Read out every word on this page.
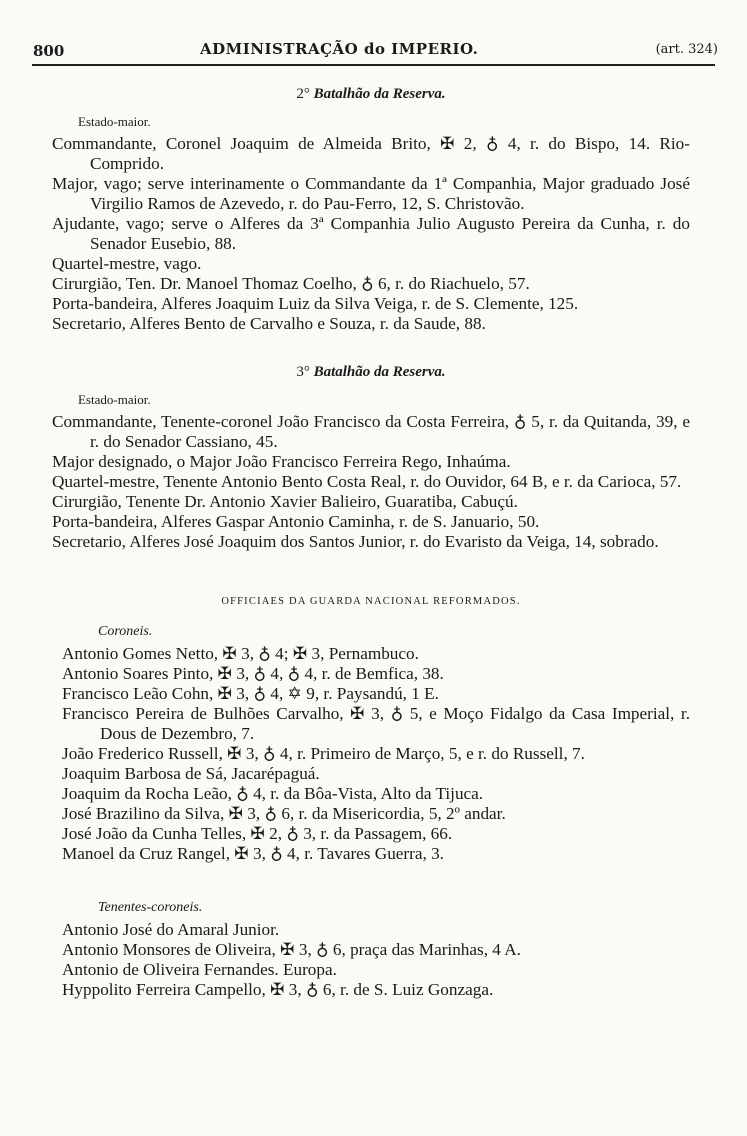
800	ADMINISTRAÇÃO do IMPERIO.	(art. 324)
2° Batalhão da Reserva.
Estado-maior.
Commandante, Coronel Joaquim de Almeida Brito, ✠ 2, ♁ 4, r. do Bispo, 14. Rio-Comprido.
Major, vago; serve interinamente o Commandante da 1ª Companhia, Major graduado José Virgilio Ramos de Azevedo, r. do Pau-Ferro, 12, S. Christovão.
Ajudante, vago; serve o Alferes da 3ª Companhia Julio Augusto Pereira da Cunha, r. do Senador Eusebio, 88.
Quartel-mestre, vago.
Cirurgião, Ten. Dr. Manoel Thomaz Coelho, ♁ 6, r. do Riachuelo, 57.
Porta-bandeira, Alferes Joaquim Luiz da Silva Veiga, r. de S. Clemente, 125.
Secretario, Alferes Bento de Carvalho e Souza, r. da Saude, 88.
3° Batalhão da Reserva.
Estado-maior.
Commandante, Tenente-coronel João Francisco da Costa Ferreira, ♁ 5, r. da Quitanda, 39, e r. do Senador Cassiano, 45.
Major designado, o Major João Francisco Ferreira Rego, Inhaúma.
Quartel-mestre, Tenente Antonio Bento Costa Real, r. do Ouvidor, 64 B, e r. da Carioca, 57.
Cirurgião, Tenente Dr. Antonio Xavier Balieiro, Guaratiba, Cabuçú.
Porta-bandeira, Alferes Gaspar Antonio Caminha, r. de S. Januario, 50.
Secretario, Alferes José Joaquim dos Santos Junior, r. do Evaristo da Veiga, 14, sobrado.
OFFICIAES DA GUARDA NACIONAL REFORMADOS.
Coroneis.
Antonio Gomes Netto, ✠ 3, ♁ 4; ✠ 3, Pernambuco.
Antonio Soares Pinto, ✠ 3, ♁ 4, ♁ 4, r. de Bemfica, 38.
Francisco Leão Cohn, ✠ 3, ♁ 4, ✡ 9, r. Paysandú, 1 E.
Francisco Pereira de Bulhões Carvalho, ✠ 3, ♁ 5, e Moço Fidalgo da Casa Imperial, r. Dous de Dezembro, 7.
João Frederico Russell, ✠ 3, ♁ 4, r. Primeiro de Março, 5, e r. do Russell, 7.
Joaquim Barbosa de Sá, Jacarépaguá.
Joaquim da Rocha Leão, ♁ 4, r. da Bôa-Vista, Alto da Tijuca.
José Brazilino da Silva, ✠ 3, ♁ 6, r. da Misericordia, 5, 2º andar.
José João da Cunha Telles, ✠ 2, ♁ 3, r. da Passagem, 66.
Manoel da Cruz Rangel, ✠ 3, ♁ 4, r. Tavares Guerra, 3.
Tenentes-coroneis.
Antonio José do Amaral Junior.
Antonio Monsores de Oliveira, ✠ 3, ♁ 6, praça das Marinhas, 4 A.
Antonio de Oliveira Fernandes. Europa.
Hyppolito Ferreira Campello, ✠ 3, ♁ 6, r. de S. Luiz Gonzaga.
